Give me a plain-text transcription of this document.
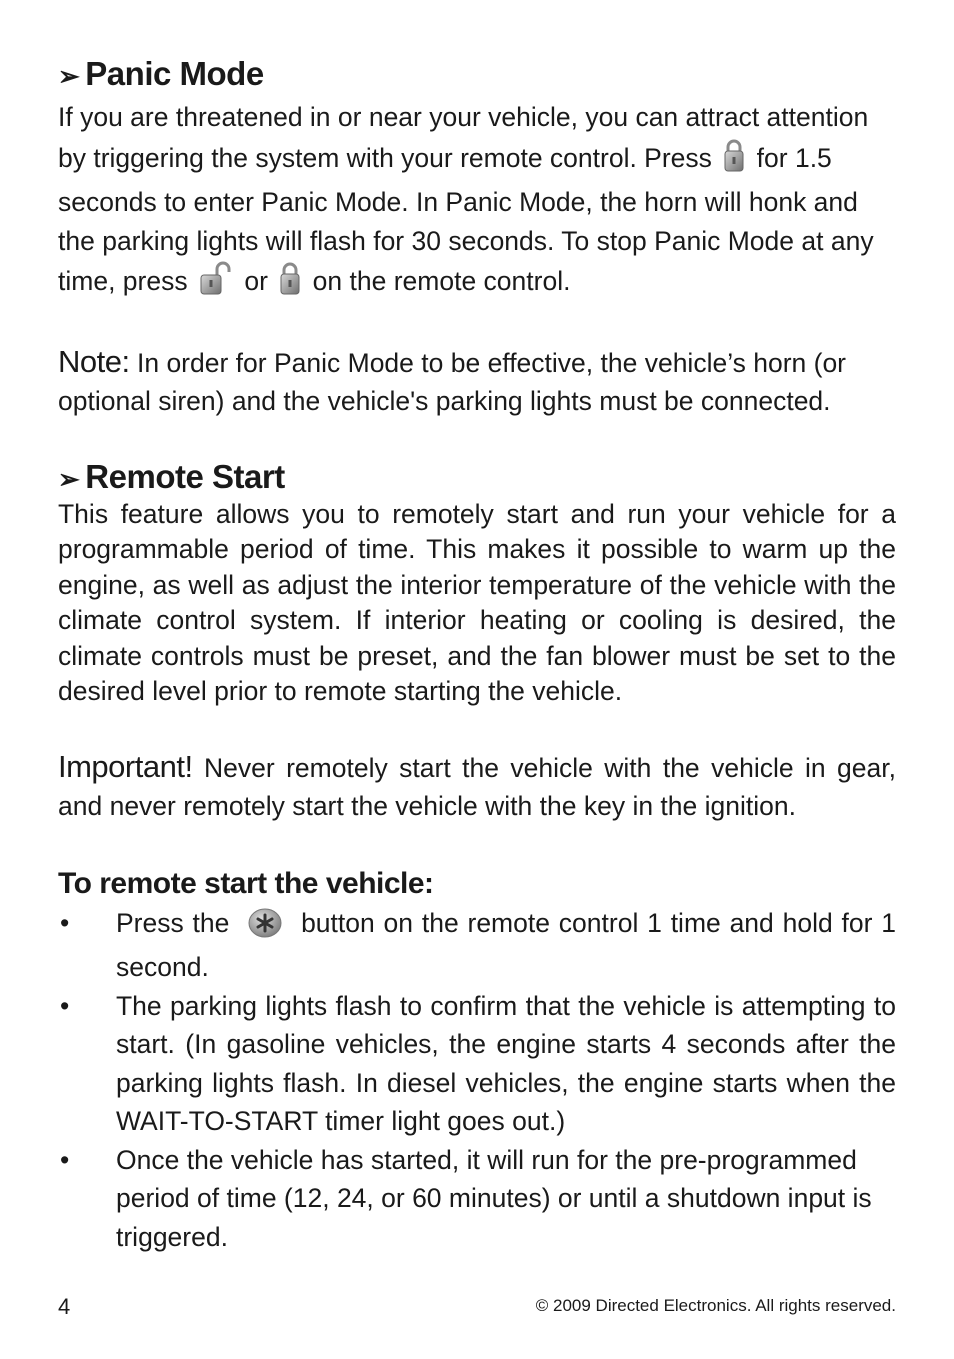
➢ Panic Mode

If you are threatened in or near your vehicle, you can attract attention by triggering the system with your remote control. Press for 1.5 seconds to enter Panic Mode. In Panic Mode, the horn will honk and the parking lights will flash for 30 seconds. To stop Panic Mode at any time, press or on the remote control.

Note: In order for Panic Mode to be effective, the vehicle’s horn (or optional siren) and the vehicle's parking lights must be connected.

➢ Remote Start

This feature allows you to remotely start and run your vehicle for a programmable period of time. This makes it possible to warm up the engine, as well as adjust the interior temperature of the vehicle with the climate control system. If interior heating or cooling is desired, the climate controls must be preset, and the fan blower must be set to the desired level prior to remote starting the vehicle.

Important! Never remotely start the vehicle with the vehicle in gear, and never remotely start the vehicle with the key in the ignition.

To remote start the vehicle:
• Press the	button on the remote control 1 time and hold for 1 second.
• The parking lights flash to confirm that the vehicle is attempting to start. (In gasoline vehicles, the engine starts 4 seconds after the parking lights flash. In diesel vehicles, the engine starts when the WAIT-TO-START timer light goes out.)
• Once the vehicle has started, it will run for the pre-programmed period of time (12, 24, or 60 minutes) or until a shutdown input is triggered.
4	© 2009 Directed Electronics. All rights reserved.
